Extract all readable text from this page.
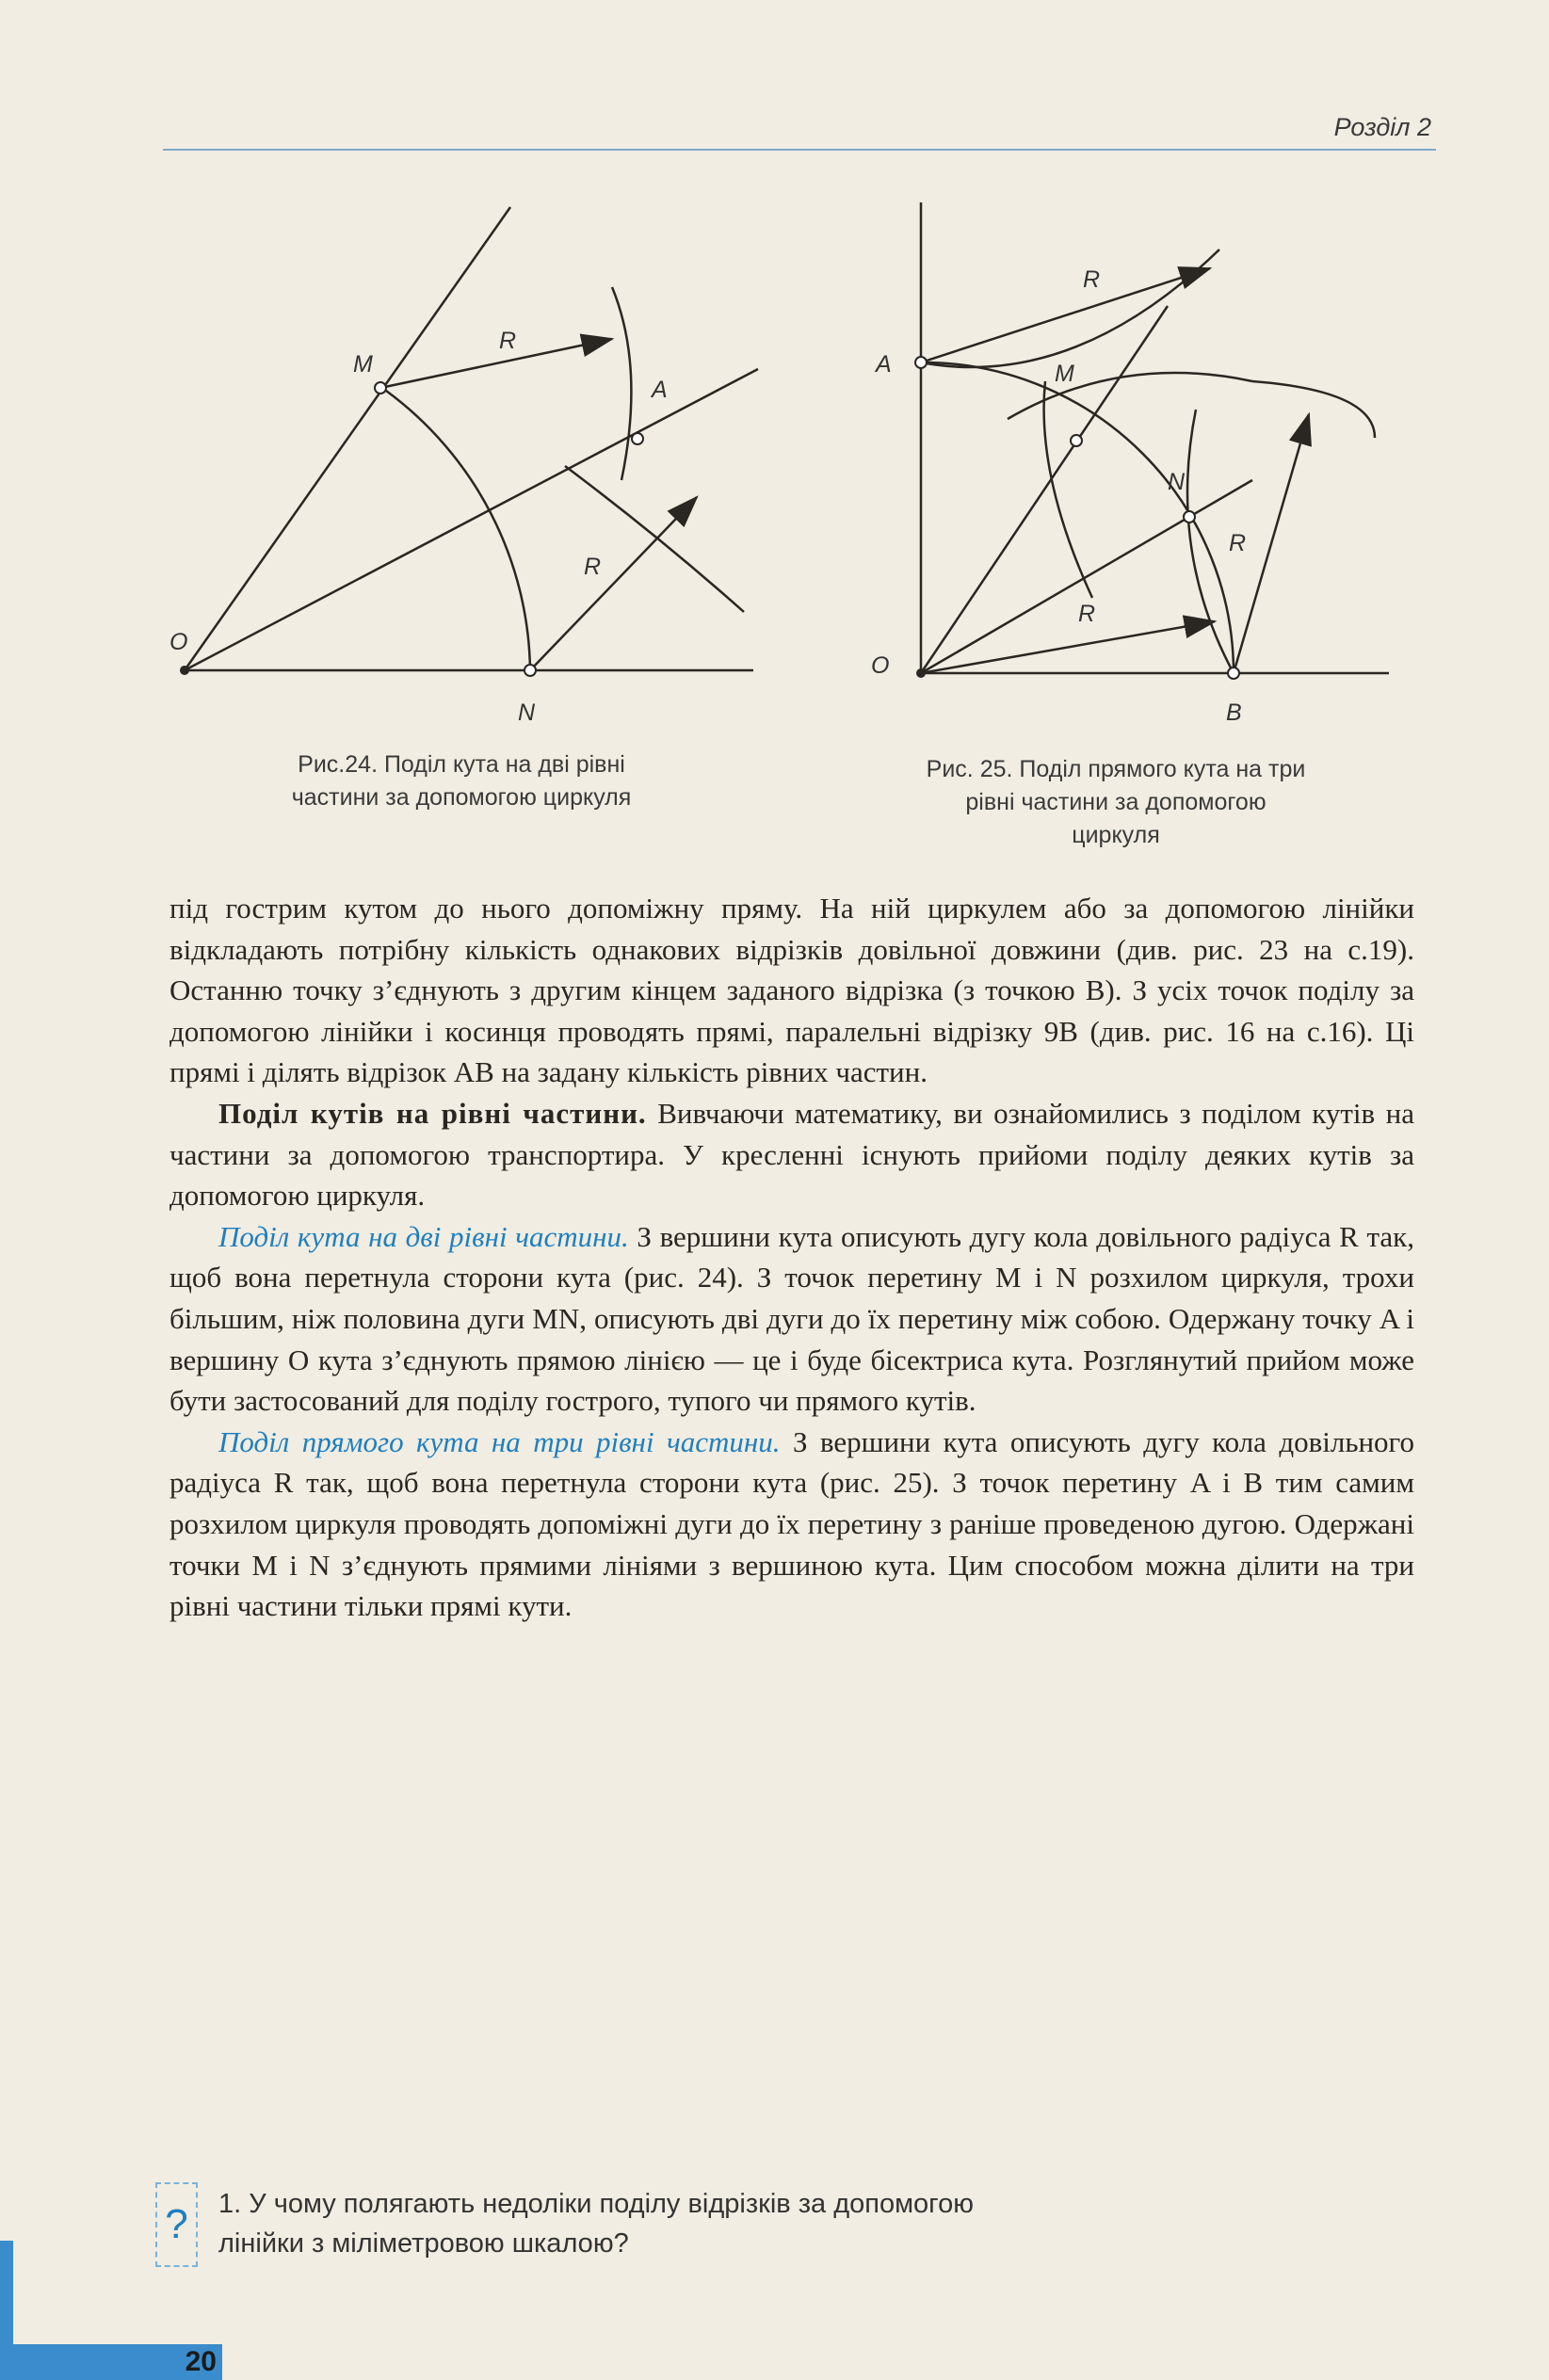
Розділ 2
M
R
A
O
N
R
Рис.24. Поділ кута на дві рівні
частини за допомогою циркуля
R
A	M
N
R
R
O
B
Рис. 25. Поділ прямого кута на три
рівні частини за допомогою
циркуля

під гострим кутом до нього допоміжну пряму. На ній циркулем або за допомогою лінійки відкладають потрібну кількість однакових відрізків довільної довжини (див. рис. 23 на с.19). Останню точку з’єднують з другим кінцем заданого відрізка (з точкою B). З усіх точок поділу за допомогою лінійки і косинця проводять прямі, паралельні відрізку 9B (див. рис. 16 на с.16). Ці прямі і ділять відрізок AB на задану кількість рівних частин.

Поділ кутів на рівні частини. Вивчаючи математику, ви ознайомились з поділом кутів на частини за допомогою транспортира. У кресленні існують прийоми поділу деяких кутів за допомогою циркуля.

Поділ кута на дві рівні частини. З вершини кута описують дугу кола довільного радіуса R так, щоб вона перетнула сторони кута (рис. 24). З точок перетину M і N розхилом циркуля, трохи більшим, ніж половина дуги MN, описують дві дуги до їх перетину між собою. Одержану точку A і вершину O кута з’єднують прямою лінією — це і буде бісектриса кута. Розглянутий прийом може бути застосований для поділу гострого, тупого чи прямого кутів.

Поділ прямого кута на три рівні частини. З вершини кута описують дугу кола довільного радіуса R так, щоб вона перетнула сторони кута (рис. 25). З точок перетину A і B тим самим розхилом циркуля проводять допоміжні дуги до їх перетину з раніше проведеною дугою. Одержані точки M і N з’єднують прямими лініями з вершиною кута. Цим способом можна ділити на три рівні частини тільки прямі кути.

?	1. У чому полягають недоліки поділу відрізків за допомогою
лінійки з міліметровою шкалою?
20
